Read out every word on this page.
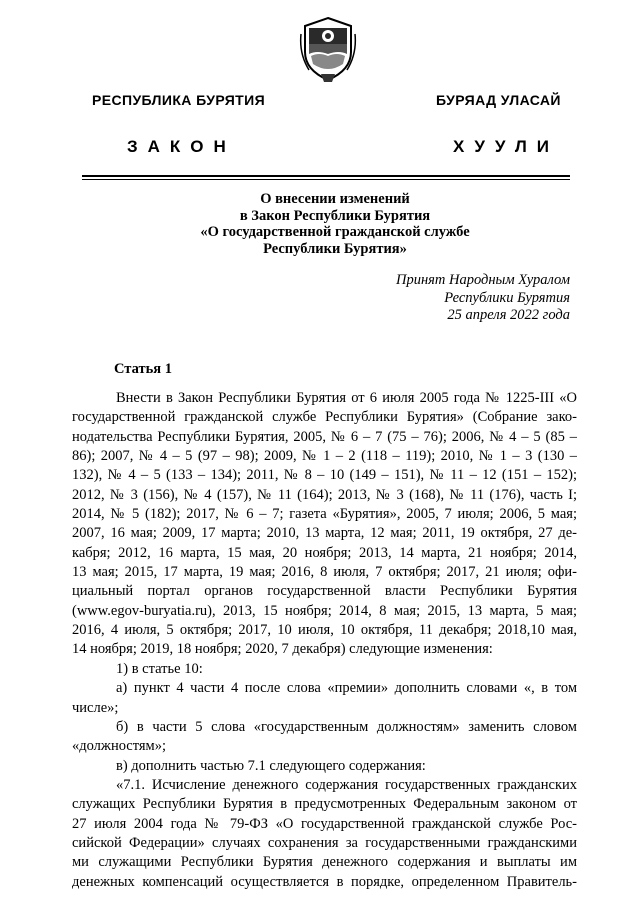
РЕСПУБЛИКА БУРЯТИЯ	БУРЯАД УЛАСАЙ
ЗАКОН	ХУУЛИ
О внесении изменений
в Закон Республики Бурятия
«О государственной гражданской службе
Республики Бурятия»
Принят Народным Хуралом
Республики Бурятия
25 апреля 2022 года
Статья 1
Внести в Закон Республики Бурятия от 6 июля 2005 года № 1225-III «О
государственной гражданской службе Республики Бурятия» (Собрание зако-
нодательства Республики Бурятия, 2005, № 6 – 7 (75 – 76); 2006, № 4 – 5 (85 –
86); 2007, № 4 – 5 (97 – 98); 2009, № 1 – 2 (118 – 119); 2010, № 1 – 3 (130 –
132), № 4 – 5 (133 – 134); 2011, № 8 – 10 (149 – 151), № 11 – 12 (151 – 152);
2012, № 3 (156), № 4 (157), № 11 (164); 2013, № 3 (168), № 11 (176), часть I;
2014, № 5 (182); 2017, № 6 – 7; газета «Бурятия», 2005, 7 июля; 2006, 5 мая;
2007, 16 мая; 2009, 17 марта; 2010, 13 марта, 12 мая; 2011, 19 октября, 27 де-
кабря; 2012, 16 марта, 15 мая, 20 ноября; 2013, 14 марта, 21 ноября; 2014,
13 мая; 2015, 17 марта, 19 мая; 2016, 8 июля, 7 октября; 2017, 21 июля; офи-
циальный портал органов государственной власти Республики Бурятия
(www.egov-buryatia.ru), 2013, 15 ноября; 2014, 8 мая; 2015, 13 марта, 5 мая;
2016, 4 июля, 5 октября; 2017, 10 июля, 10 октября, 11 декабря; 2018,10 мая,
14 ноября; 2019, 18 ноября; 2020, 7 декабря) следующие изменения:
1) в статье 10:
а) пункт 4 части 4 после слова «премии» дополнить словами «, в том
числе»;
б) в части 5 слова «государственным должностям» заменить словом
«должностям»;
в) дополнить частью 7.1 следующего содержания:
«7.1. Исчисление денежного содержания государственных гражданских
служащих Республики Бурятия в предусмотренных Федеральным законом от
27 июля 2004 года № 79-ФЗ «О государственной гражданской службе Рос-
сийской Федерации» случаях сохранения за государственными гражданскими
ми служащими Республики Бурятия денежного содержания и выплаты им
денежных компенсаций осуществляется в порядке, определенном Правитель-
